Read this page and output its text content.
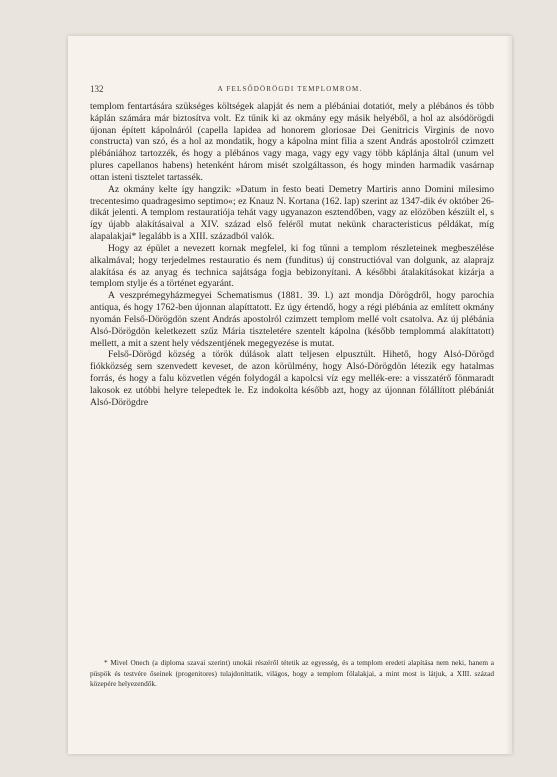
132	A FELSŐDÖRÖGDI TEMPLOMROM.

templom fentartására szükséges költségek alapját és nem a plébániai dotatiót, mely a plébános és több káplán számára már biztosítva volt. Ez tűnik ki az okmány egy másik helyéből, a hol az alsódörögdi újonan épített kápolnáról (capella lapidea ad honorem gloriosae Dei Genitricis Virginis de novo constructa) van szó, és a hol az mondatik, hogy a kápolna mint filia a szent András apostolról czimzett plébániához tartozzék, és hogy a plébános vagy maga, vagy egy vagy több káplánja által (unum vel plures capellanos habens) hetenként három misét szolgáltasson, és hogy minden harmadik vasárnap ottan isteni tisztelet tartassék.

Az okmány kelte így hangzik: »Datum in festo beati Demetry Martiris anno Domini milesimo trecentesimo quadragesimo septimo«; ez Knauz N. Kortana (162. lap) szerint az 1347-dik év október 26-dikát jelenti. A templom restauratiója tehát vagy ugyanazon esztendőben, vagy az elözöben készült el, s így újabb alakításaival a XIV. század első feléről mutat nekünk characteristicus példákat, míg alapalakjai* legalább is a XIII. századból valók.

Hogy az épület a nevezett kornak megfelel, ki fog tűnni a templom részleteinek megbeszélése alkalmával; hogy terjedelmes restauratio és nem (funditus) új constructióval van dolgunk, az alaprajz alakítása és az anyag és technica sajátsága fogja bebizonyítani. A későbbi átalakításokat kizárja a templom stylje és a történet egyaránt.

A veszprémegyházmegyei Schematismus (1881. 39. l.) azt mondja Dörögdről, hogy parochia antiqua, és hogy 1762-ben újonnan alapíttatott. Ez úgy értendő, hogy a régi plébánia az említett okmány nyomán Felső-Dörögdön szent András apostolról czimzett templom mellé volt csatolva. Az új plébánia Alsó-Dörögdön keletkezett szűz Mária tiszteletére szentelt kápolna (később templommá alakíttatott) mellett, a mit a szent hely védszentjének megegyezése is mutat.

Felső-Dörögd község a török dúlások alatt teljesen elpusztúlt. Hihető, hogy Alsó-Dörögd fiókközség sem szenvedett keveset, de azon körülmény, hogy Alsó-Dörögdön létezik egy hatalmas forrás, és hogy a falu közvetlen végén folydogál a kapolcsi víz egy mellék-ere: a visszatérő fönmaradt lakosok ez utóbbi helyre telepedtek le. Ez indokolta később azt, hogy az újonnan fölállított plébániát Alsó-Dörögdre

* Mivel Onech (a diploma szavai szerint) unokái részéről tétetik az egyesség, és a templom eredeti alapítása nem neki, hanem a püspök és testvére őseinek (progenitores) tulajdoníttatik, világos, hogy a templom fölalakjai, a mint most is látjuk, a XIII. század közepére helyezendők.
